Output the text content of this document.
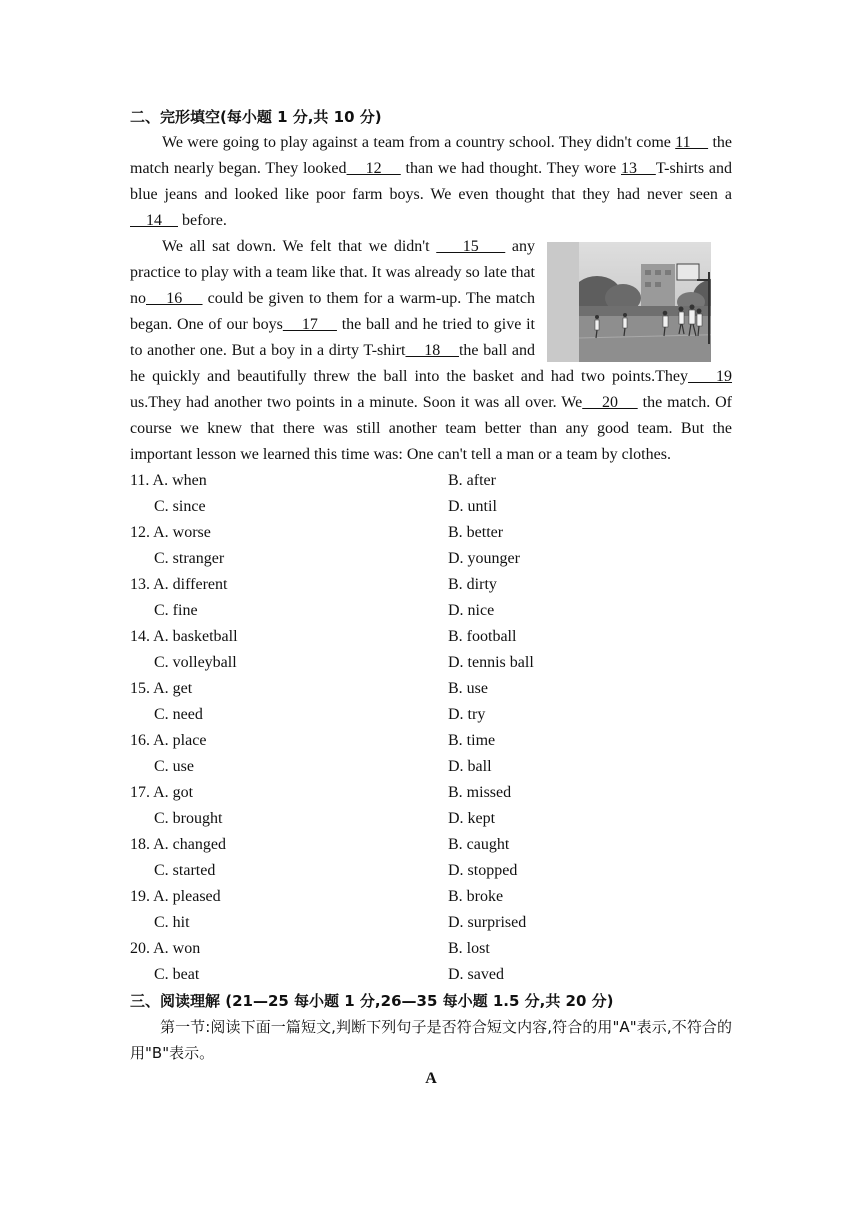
二、完形填空(每小题 1 分,共 10 分)

We were going to play against a team from a country school. They didn't come 11     the match nearly began. They looked    12     than we had thought. They wore 13    T-shirts and blue jeans and looked like poor farm boys. We even thought that they had never seen a    14     before.

We all sat down. We felt that we didn't     15     any practice to play with a team like that. It was already so late that no    16     could be given to them for a warm-up. The match began. One of our boys    17     the ball and he tried to give it to another one. But a boy in a dirty T-shirt    18    the ball and he quickly and beautifully threw the ball into the basket and had two points.They    19 us.They had another two points in a minute. Soon it was all over. We    20     the match. Of course we knew that there was still another team better than any good team. But the important lesson we learned this time was: One can't tell a man or a team by clothes.

11. A. when	B. after
C. since	D. until
12. A. worse	B. better
C. stranger	D. younger
13. A. different	B. dirty
C. fine	D. nice
14. A. basketball	B. football
C. volleyball	D. tennis ball
15. A. get	B. use
C. need	D. try
16. A. place	B. time
C. use	D. ball
17. A. got	B. missed
C. brought	D. kept
18. A. changed	B. caught
C. started	D. stopped
19. A. pleased	B. broke
C. hit	D. surprised
20. A. won	B. lost
C. beat	D. saved

三、阅读理解 (21—25 每小题 1 分,26—35 每小题 1.5 分,共 20 分)

第一节:阅读下面一篇短文,判断下列句子是否符合短文内容,符合的用"A"表示,不符合的用"B"表示。

A
